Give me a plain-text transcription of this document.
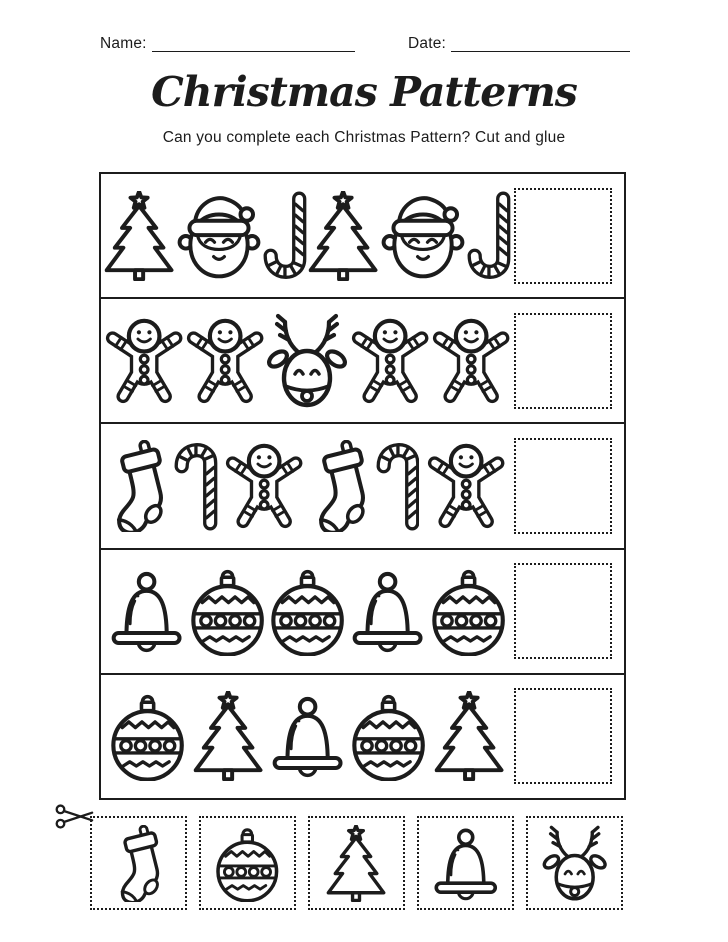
Name:	Date:
Christmas Patterns
Can you complete each Christmas Pattern? Cut and glue
